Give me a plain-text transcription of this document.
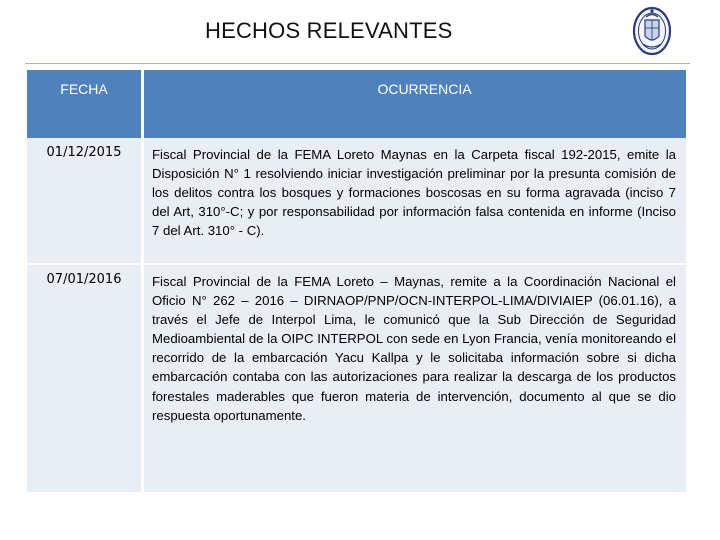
HECHOS RELEVANTES
FECHA	OCURRENCIA
01/12/2015	Fiscal Provincial de la FEMA Loreto Maynas en la Carpeta fiscal 192-2015, emite la Disposición N° 1 resolviendo iniciar investigación preliminar por la presunta comisión de los delitos contra los bosques y formaciones boscosas en su forma agravada (inciso 7 del Art, 310°-C; y por responsabilidad por información falsa contenida en informe (Inciso 7 del Art. 310° - C).

07/01/2016	Fiscal Provincial de la FEMA Loreto – Maynas, remite a la Coordinación Nacional el Oficio N° 262 – 2016 – DIRNAOP/PNP/OCN-INTERPOL-LIMA/DIVIAIEP (06.01.16), a través el Jefe de Interpol Lima, le comunicó que la Sub Dirección de Seguridad Medioambiental de la OIPC INTERPOL con sede en Lyon Francia, venía monitoreando el recorrido de la embarcación Yacu Kallpa y le solicitaba información sobre si dicha embarcación contaba con las autorizaciones para realizar la descarga de los productos forestales maderables que fueron materia de intervención, documento al que se dio respuesta oportunamente.
